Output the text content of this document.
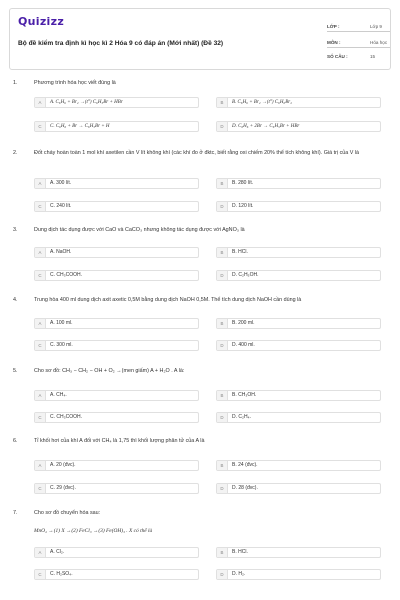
Quizizz
Bộ đề kiểm tra định kì học kì 2 Hóa 9 có đáp án (Mới nhất) (Đề 32)
LỚP :	Lớp 9
MÔN :	Hóa học
SỐ CÂU :	15
1.	Phương trình hóa học viết đúng là
A	A. C₆H₆ + Br₂ →(t°) C₆H₅Br + HBr	B	B. C₆H₆ + Br₂ →(t°) C₆H₆Br₂
C	C. C₆H₆ + Br → C₆H₅Br + H	D	D. C₆H₆ + 2Br → C₆H₅Br + HBr
2.	Đốt cháy hoàn toàn 1 mol khí axetilen cần V lít không khí (các khí đo ở đktc, biết rằng oxi chiếm 20% thể tích không khí). Giá trị của V là
A	A. 300 lít.	B	B. 280 lít.
C	C. 240 lít.	D	D. 120 lít.
3.	Dung dịch tác dụng được với CaO và CaCO₃ nhưng không tác dụng được với AgNO₃ là
A	A. NaOH.	B	B. HCl.
C	C. CH₃COOH.	D	D. C₂H₅OH.
4.	Trung hòa 400 ml dung dịch axit axetic 0,5M bằng dung dịch NaOH 0,5M. Thể tích dung dịch NaOH cần dùng là
A	A. 100 ml.	B	B. 200 ml.
C	C. 300 ml.	D	D. 400 ml.
5.	Cho sơ đồ: CH₃ − CH₂ − OH + O₂ →(men giấm) A + H₂O . A là:
A	A. CH₄.	B	B. CH₃OH.
C	C. CH₃COOH.	D	D. C₂H₄.
6.	Tỉ khối hơi của khí A đối với CH₄ là 1,75 thì khối lượng phân tử của A là
A	A. 20 (đvc).	B	B. 24 (đvc).
C	C. 29 (đvc).	D	D. 28 (đvc).
7.	Cho sơ đồ chuyển hóa sau:
MnO₂ →(1) X →(2) FeCl₃ →(3) Fe(OH)₃ . X có thể là
A	A. Cl₂.	B	B. HCl.
C	C. H₂SO₄.	D	D. H₂.
